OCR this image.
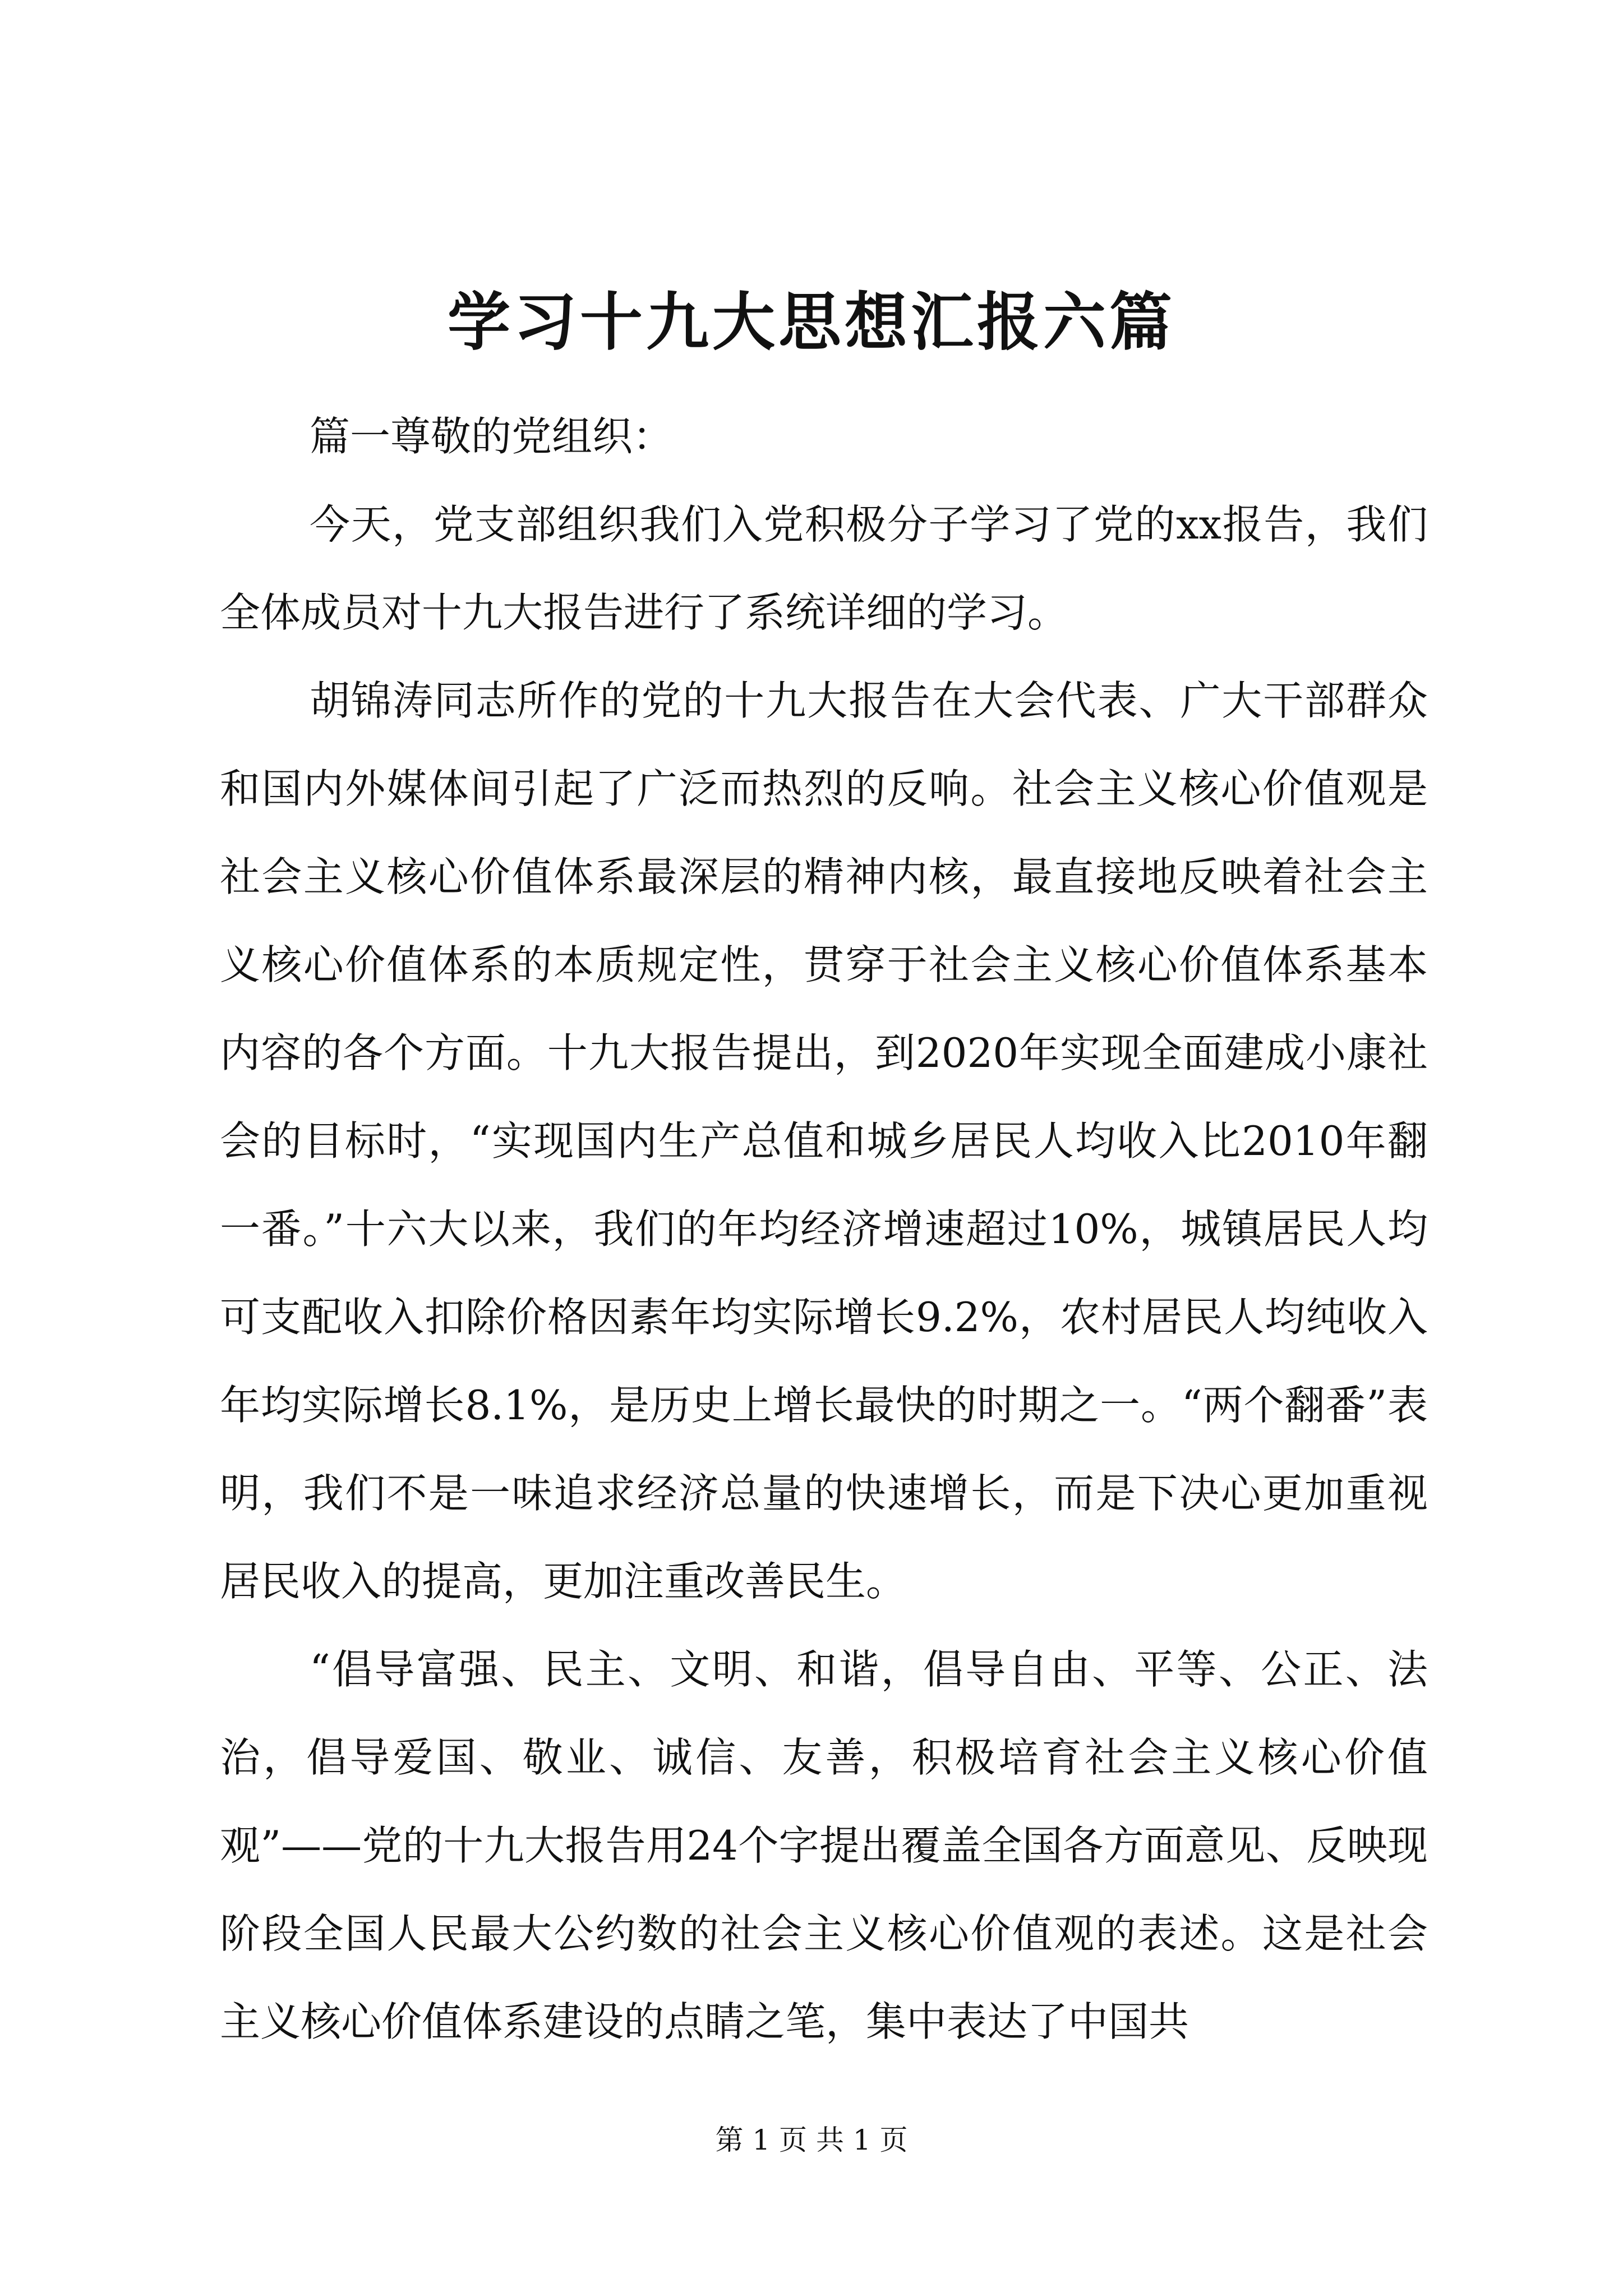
学习十九大思想汇报六篇

篇一尊敬的党组织：

今天，党支部组织我们入党积极分子学习了党的xx报告，我们全体成员对十九大报告进行了系统详细的学习。

胡锦涛同志所作的党的十九大报告在大会代表、广大干部群众和国内外媒体间引起了广泛而热烈的反响。社会主义核心价值观是社会主义核心价值体系最深层的精神内核，最直接地反映着社会主义核心价值体系的本质规定性，贯穿于社会主义核心价值体系基本内容的各个方面。十九大报告提出，到2020年实现全面建成小康社会的目标时，“实现国内生产总值和城乡居民人均收入比2010年翻一番。”十六大以来，我们的年均经济增速超过10%，城镇居民人均可支配收入扣除价格因素年均实际增长9.2%，农村居民人均纯收入年均实际增长8.1%，是历史上增长最快的时期之一。“两个翻番”表明，我们不是一味追求经济总量的快速增长，而是下决心更加重视居民收入的提高，更加注重改善民生。

“倡导富强、民主、文明、和谐，倡导自由、平等、公正、法治，倡导爱国、敬业、诚信、友善，积极培育社会主义核心价值观”——党的十九大报告用24个字提出覆盖全国各方面意见、反映现阶段全国人民最大公约数的社会主义核心价值观的表述。这是社会主义核心价值体系建设的点睛之笔，集中表达了中国共

第 1 页 共 1 页
